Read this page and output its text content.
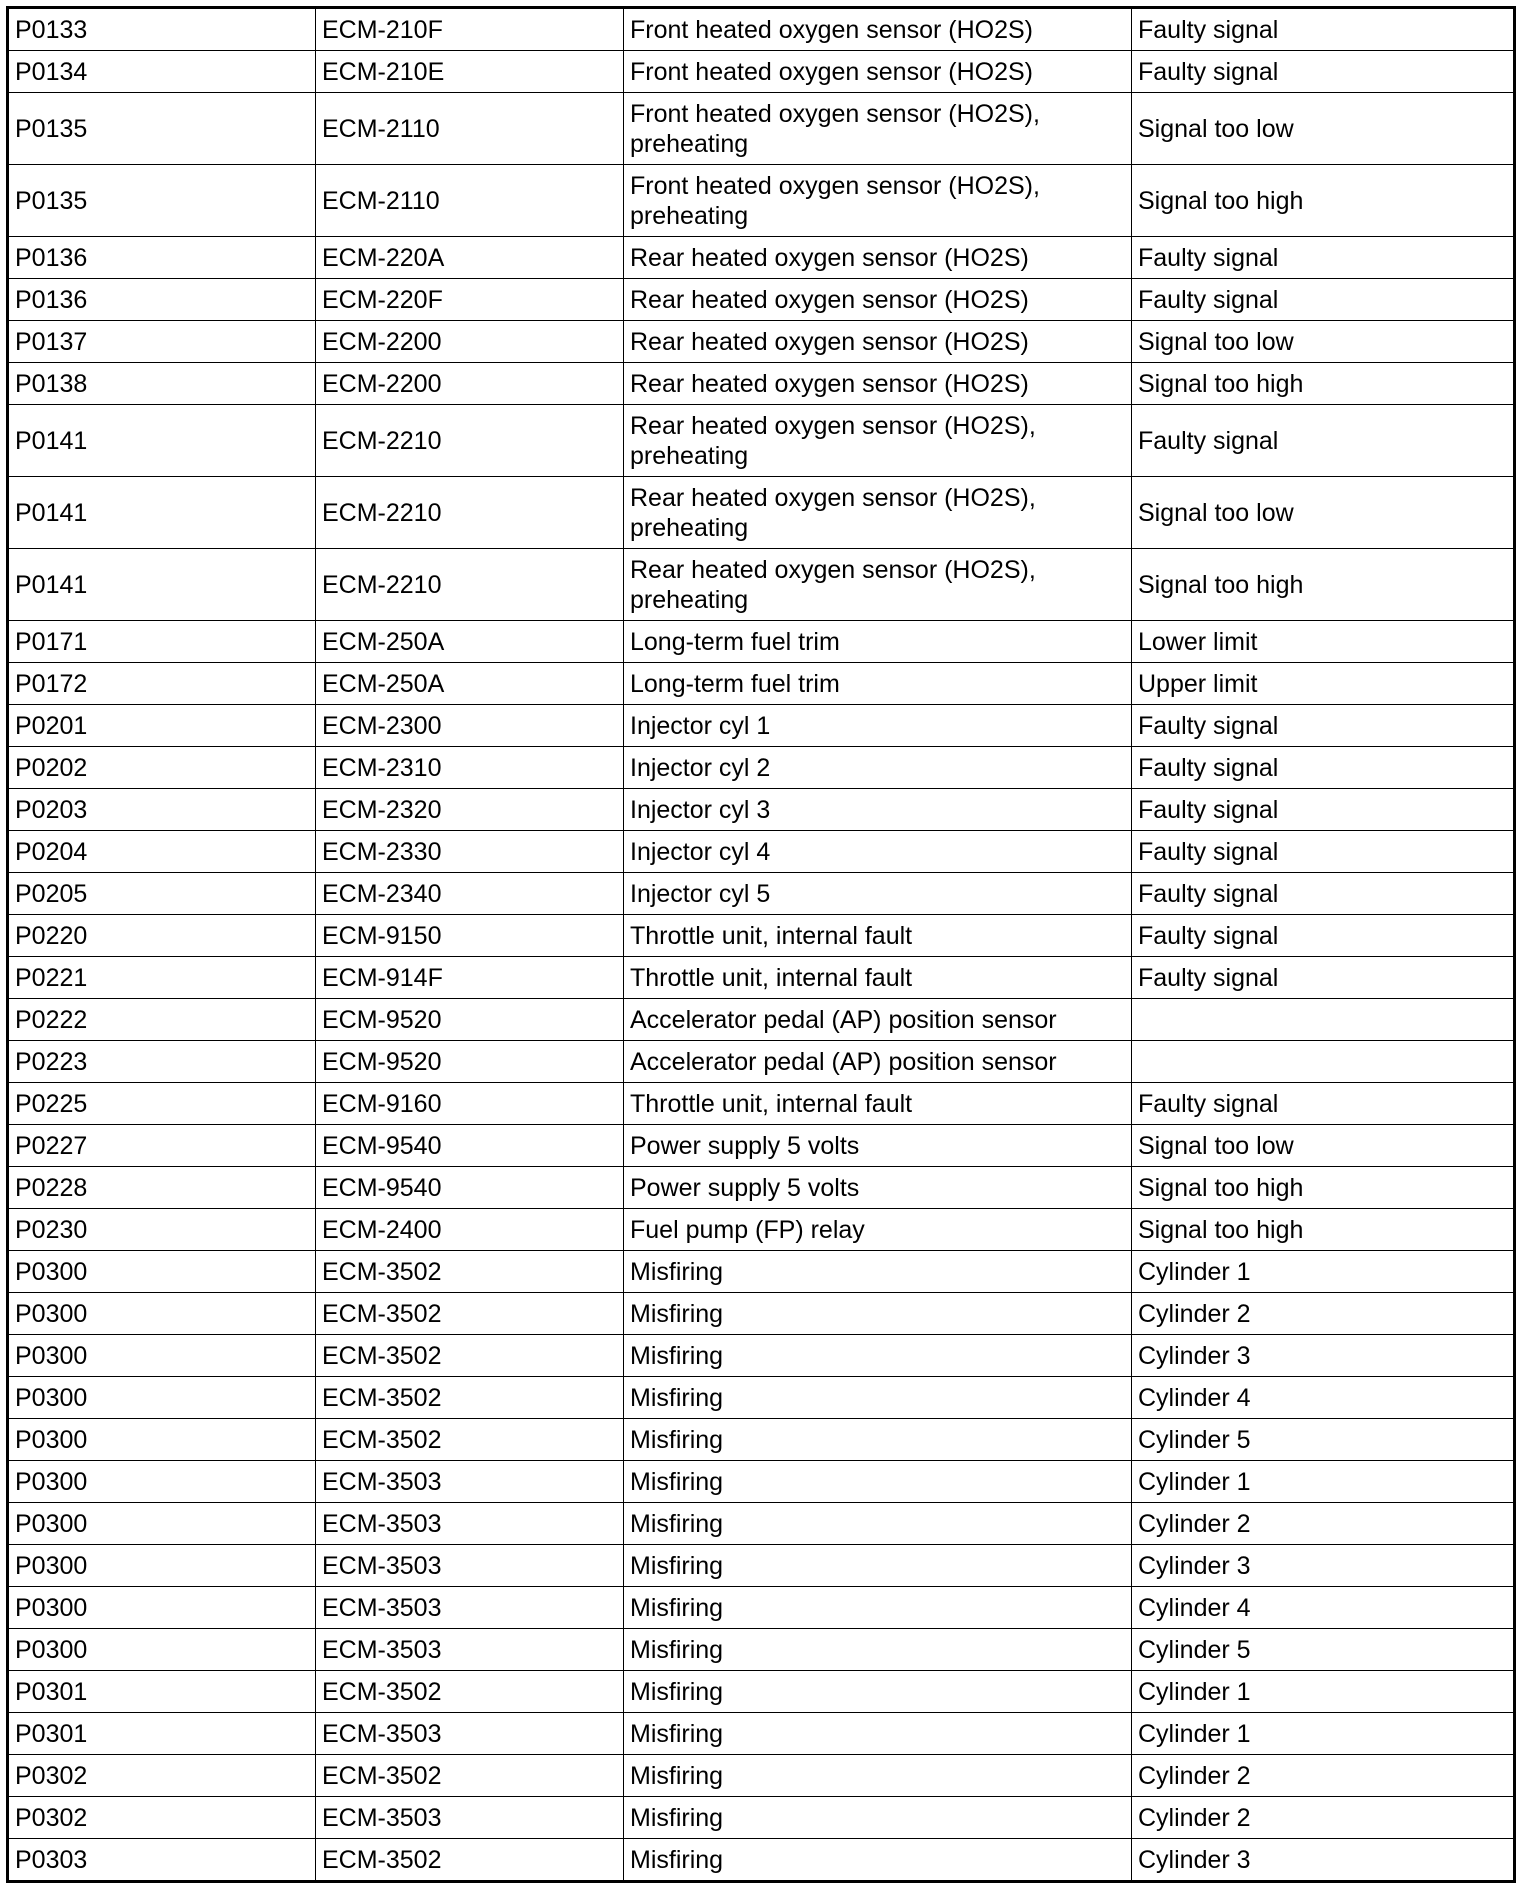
P0133	ECM-210F	Front heated oxygen sensor (HO2S)	Faulty signal
P0134	ECM-210E	Front heated oxygen sensor (HO2S)	Faulty signal
P0135	ECM-2110	Front heated oxygen sensor (HO2S), preheating	Signal too low
P0135	ECM-2110	Front heated oxygen sensor (HO2S), preheating	Signal too high
P0136	ECM-220A	Rear heated oxygen sensor (HO2S)	Faulty signal
P0136	ECM-220F	Rear heated oxygen sensor (HO2S)	Faulty signal
P0137	ECM-2200	Rear heated oxygen sensor (HO2S)	Signal too low
P0138	ECM-2200	Rear heated oxygen sensor (HO2S)	Signal too high
P0141	ECM-2210	Rear heated oxygen sensor (HO2S), preheating	Faulty signal
P0141	ECM-2210	Rear heated oxygen sensor (HO2S), preheating	Signal too low
P0141	ECM-2210	Rear heated oxygen sensor (HO2S), preheating	Signal too high
P0171	ECM-250A	Long-term fuel trim	Lower limit
P0172	ECM-250A	Long-term fuel trim	Upper limit
P0201	ECM-2300	Injector cyl 1	Faulty signal
P0202	ECM-2310	Injector cyl 2	Faulty signal
P0203	ECM-2320	Injector cyl 3	Faulty signal
P0204	ECM-2330	Injector cyl 4	Faulty signal
P0205	ECM-2340	Injector cyl 5	Faulty signal
P0220	ECM-9150	Throttle unit, internal fault	Faulty signal
P0221	ECM-914F	Throttle unit, internal fault	Faulty signal
P0222	ECM-9520	Accelerator pedal (AP) position sensor	
P0223	ECM-9520	Accelerator pedal (AP) position sensor	
P0225	ECM-9160	Throttle unit, internal fault	Faulty signal
P0227	ECM-9540	Power supply 5 volts	Signal too low
P0228	ECM-9540	Power supply 5 volts	Signal too high
P0230	ECM-2400	Fuel pump (FP) relay	Signal too high
P0300	ECM-3502	Misfiring	Cylinder 1
P0300	ECM-3502	Misfiring	Cylinder 2
P0300	ECM-3502	Misfiring	Cylinder 3
P0300	ECM-3502	Misfiring	Cylinder 4
P0300	ECM-3502	Misfiring	Cylinder 5
P0300	ECM-3503	Misfiring	Cylinder 1
P0300	ECM-3503	Misfiring	Cylinder 2
P0300	ECM-3503	Misfiring	Cylinder 3
P0300	ECM-3503	Misfiring	Cylinder 4
P0300	ECM-3503	Misfiring	Cylinder 5
P0301	ECM-3502	Misfiring	Cylinder 1
P0301	ECM-3503	Misfiring	Cylinder 1
P0302	ECM-3502	Misfiring	Cylinder 2
P0302	ECM-3503	Misfiring	Cylinder 2
P0303	ECM-3502	Misfiring	Cylinder 3
